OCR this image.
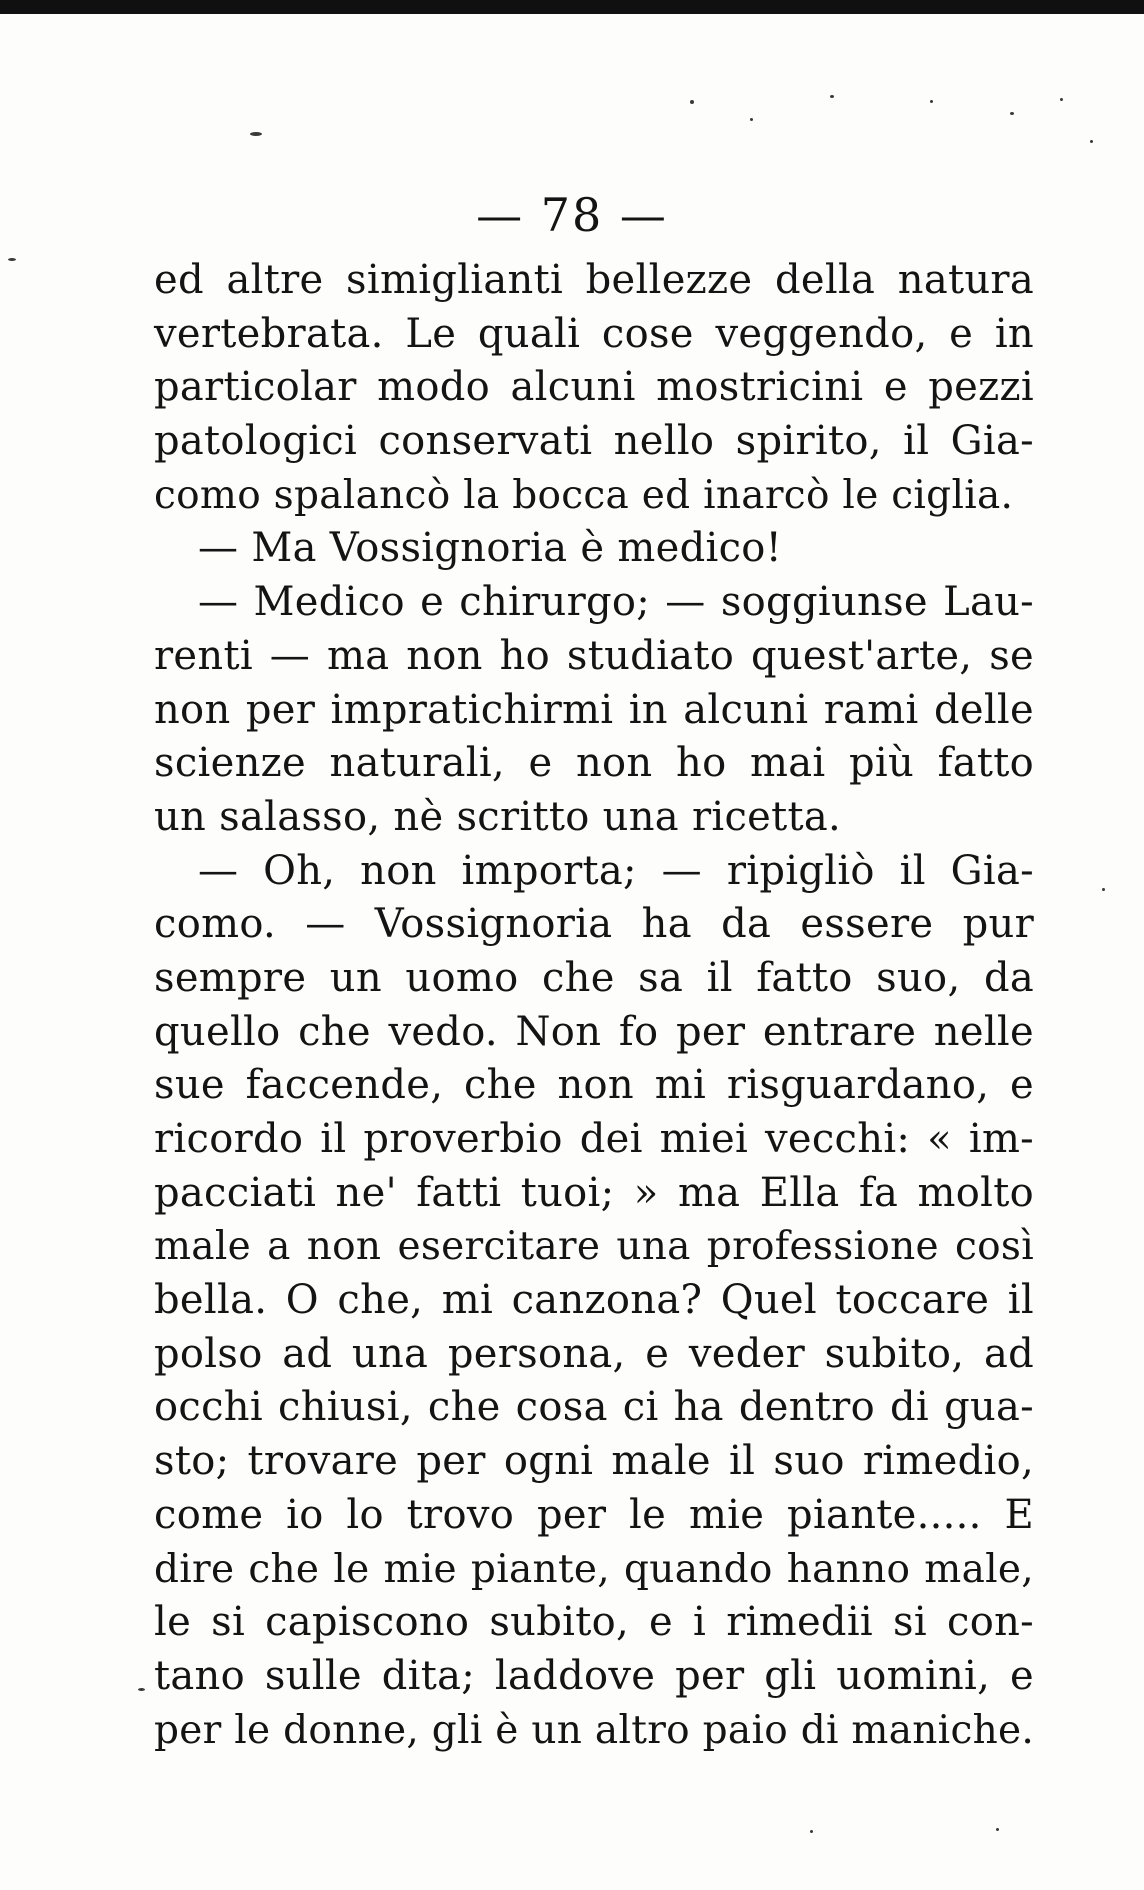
— 78 —
ed altre simiglianti bellezze della natura
vertebrata. Le quali cose veggendo, e in
particolar modo alcuni mostricini e pezzi
patologici conservati nello spirito, il Gia-
como spalancò la bocca ed inarcò le ciglia.
— Ma Vossignoria è medico!
— Medico e chirurgo; — soggiunse Lau-
renti — ma non ho studiato quest'arte, se
non per impratichirmi in alcuni rami delle
scienze naturali, e non ho mai più fatto
un salasso, nè scritto una ricetta.
— Oh, non importa; — ripigliò il Gia-
como. — Vossignoria ha da essere pur
sempre un uomo che sa il fatto suo, da
quello che vedo. Non fo per entrare nelle
sue faccende, che non mi risguardano, e
ricordo il proverbio dei miei vecchi: « im-
pacciati ne' fatti tuoi; » ma Ella fa molto
male a non esercitare una professione così
bella. O che, mi canzona? Quel toccare il
polso ad una persona, e veder subito, ad
occhi chiusi, che cosa ci ha dentro di gua-
sto; trovare per ogni male il suo rimedio,
come io lo trovo per le mie piante..... E
dire che le mie piante, quando hanno male,
le si capiscono subito, e i rimedii si con-
tano sulle dita; laddove per gli uomini, e
per le donne, gli è un altro paio di maniche.
